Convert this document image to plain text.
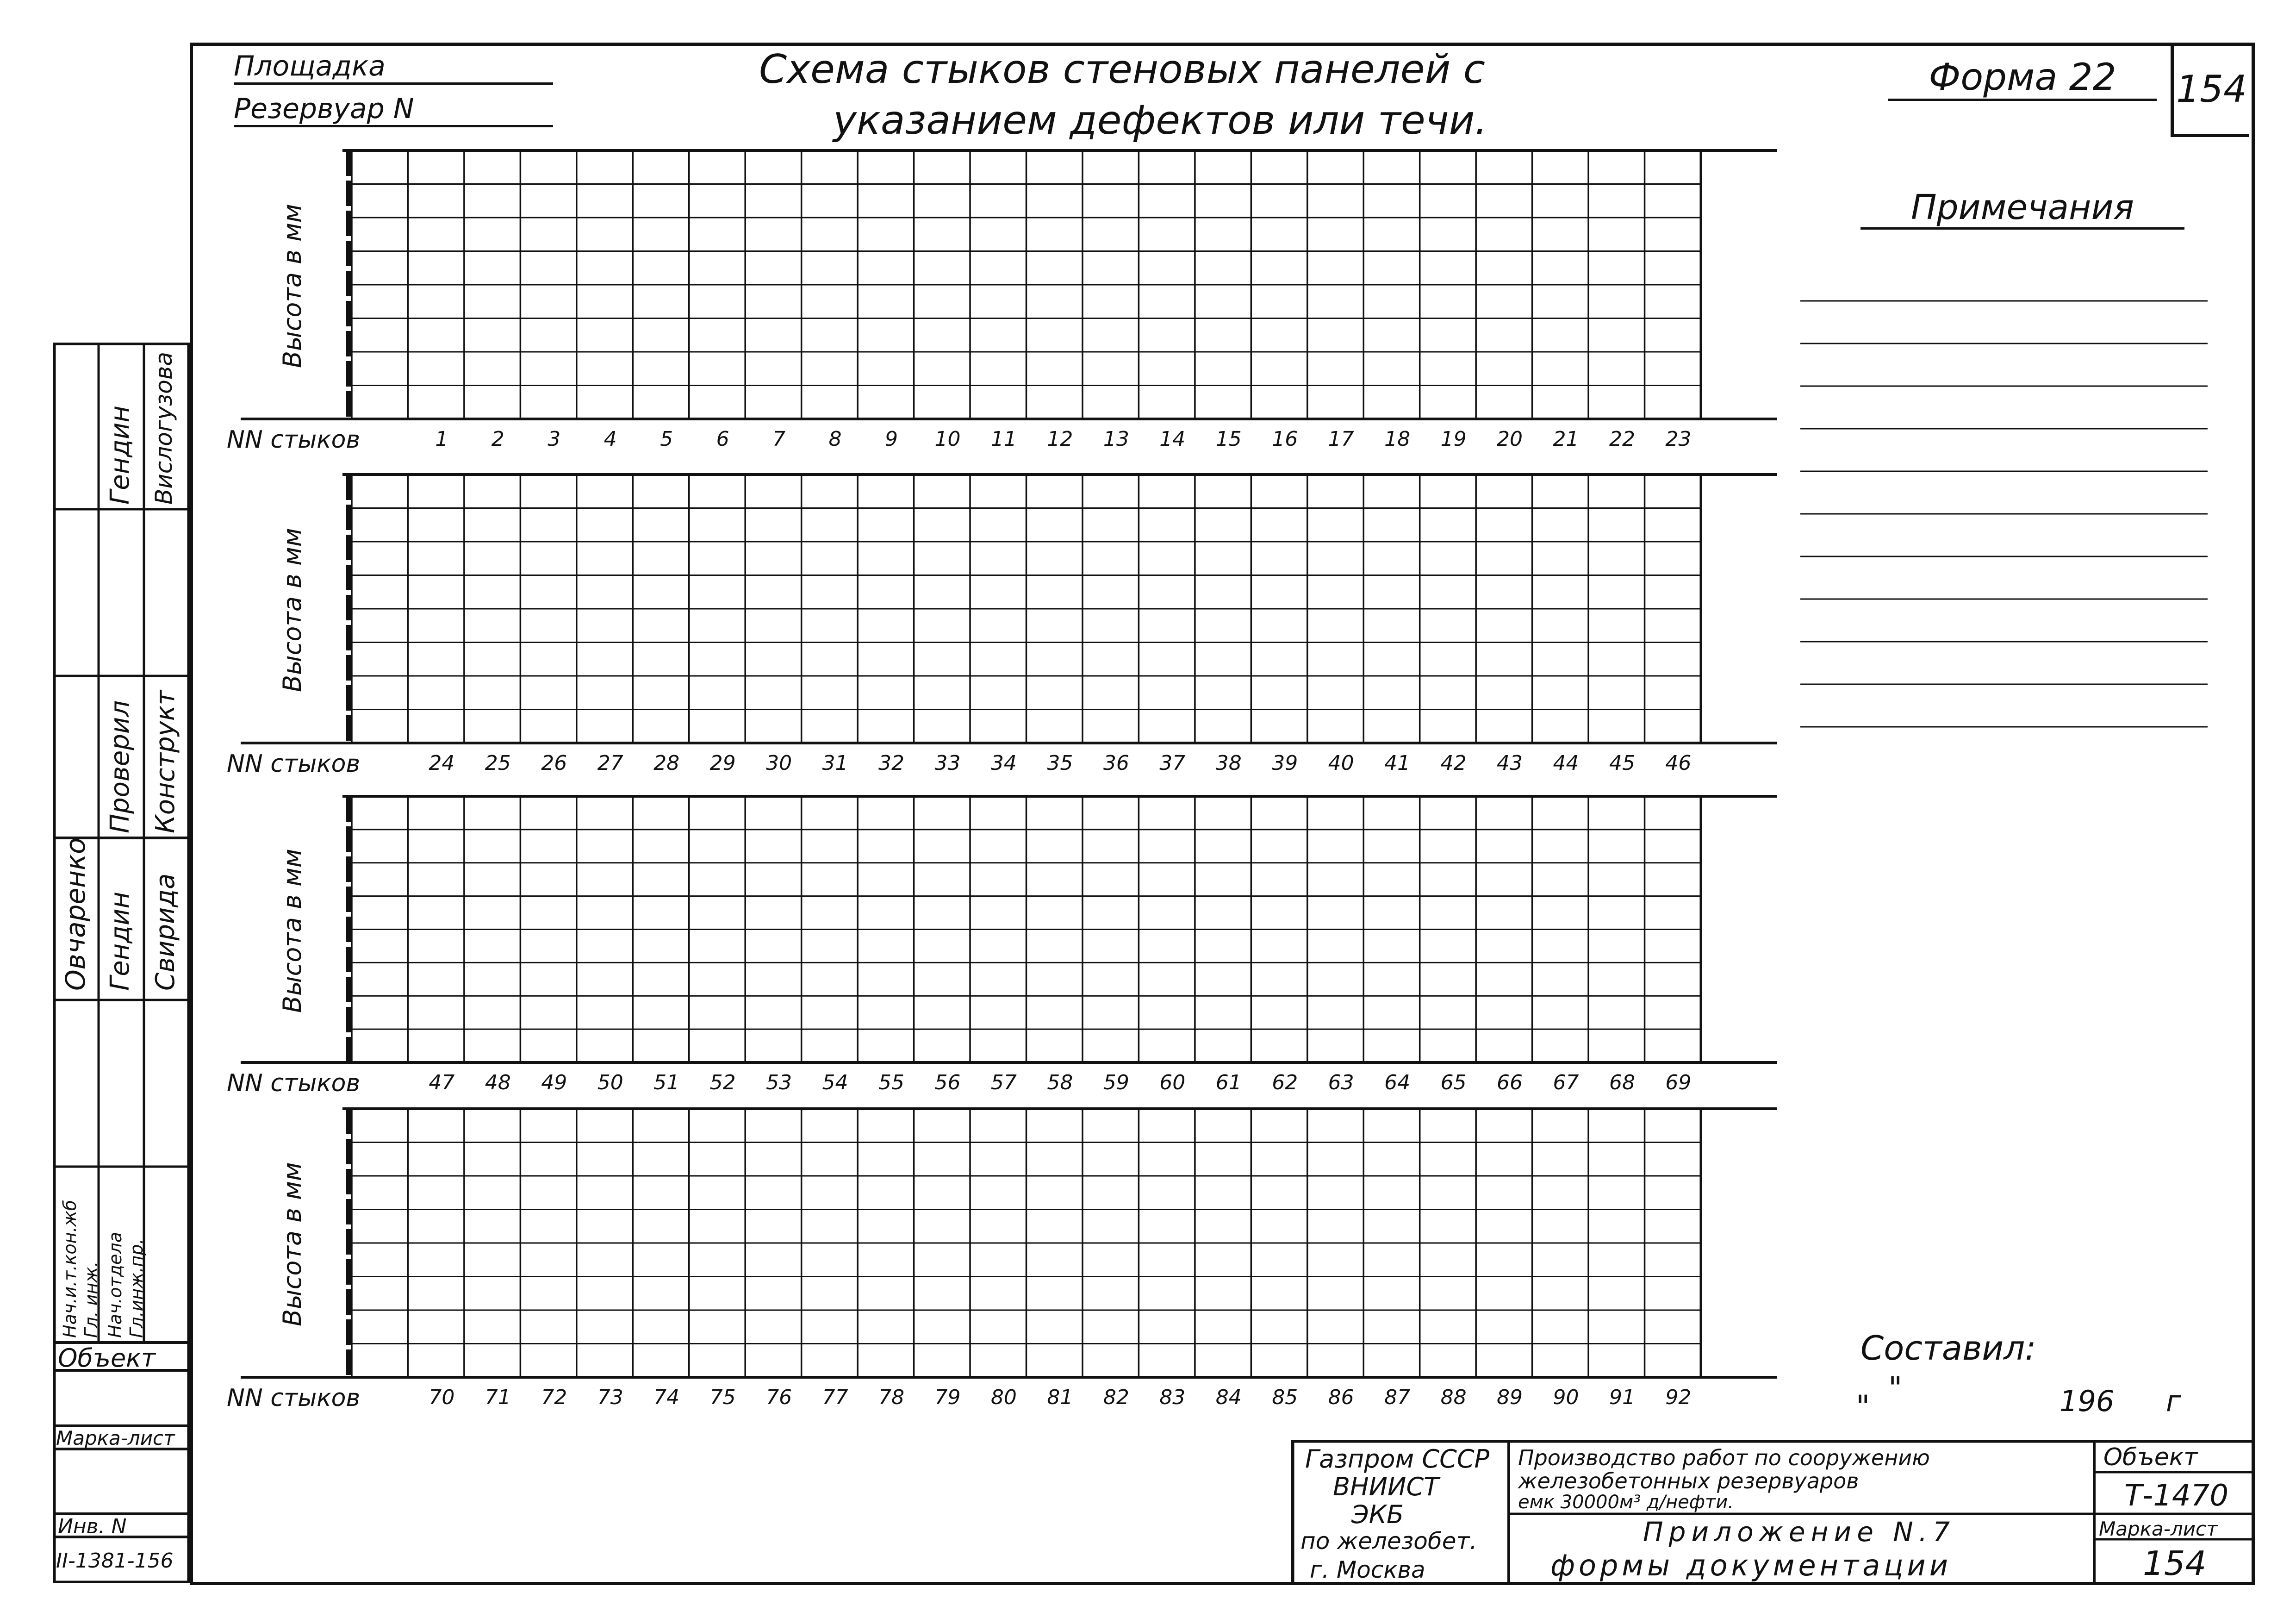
Площадка
Резервуар N
Схема стыков стеновых панелей с
указанием дефектов или течи.
Форма 22	154
Примечания
Высота в мм
NN стыков	1	2	3	4	5	6	7	8	9	10	11	12	13	14	15	16	17	18	19	20	21	22	23
Высота в мм
NN стыков	24	25	26	27	28	29	30	31	32	33	34	35	36	37	38	39	40	41	42	43	44	45	46
Высота в мм
NN стыков	47	48	49	50	51	52	53	54	55	56	57	58	59	60	61	62	63	64	65	66	67	68	69
Высота в мм
NN стыков	70	71	72	73	74	75	76	77	78	79	80	81	82	83	84	85	86	87	88	89	90	91	92
Составил:
"
"	196 г
Нач.и.т.кон.жб Гл. инж. Нач.отдела Гл.инж.пр.
Проверил Конструкт
Овчаренко Гендин Свирида
Гендин Вислогузова
Объект
Марка-лист
Инв. N
II-1381-156
Газпром СССР
ВНИИСТ
ЭКБ
по железобет.
г. Москва
Производство работ по сооружению
железобетонных резервуаров
емк 30000м³ д/нефти.
Приложение N.7
формы документации
Объект
Т-1470
Марка-лист
154
